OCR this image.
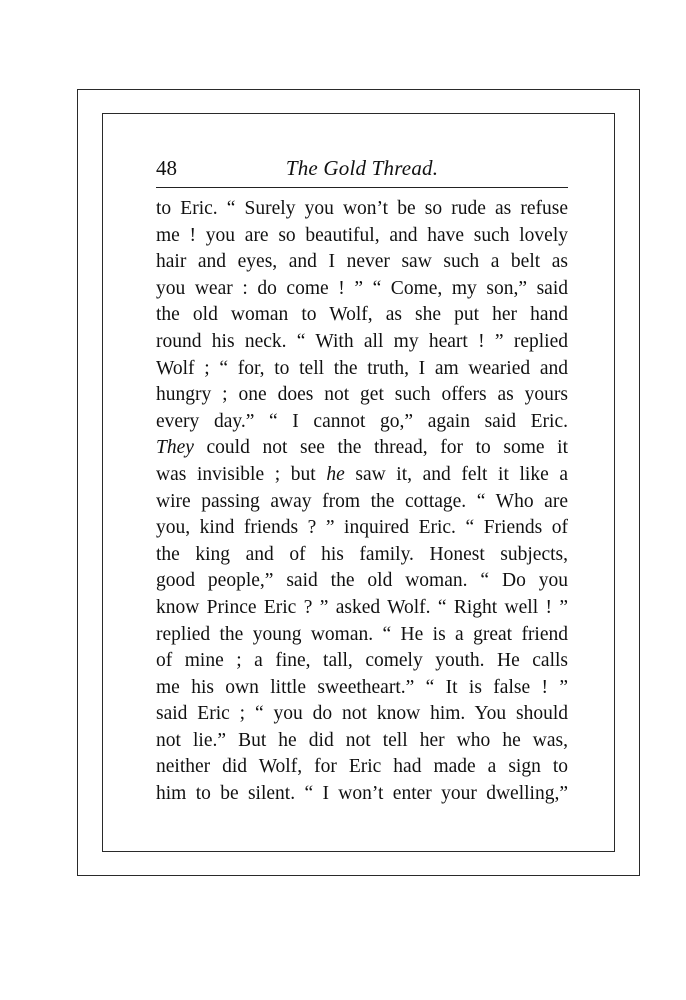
48	The Gold Thread.
to Eric. “ Surely you won’t be so rude as refuse
me ! you are so beautiful, and have such lovely
hair and eyes, and I never saw such a belt as
you wear : do come ! ” “ Come, my son,” said
the old woman to Wolf, as she put her hand
round his neck. “ With all my heart ! ” replied
Wolf ; “ for, to tell the truth, I am wearied and
hungry ; one does not get such offers as yours
every day.” “ I cannot go,” again said Eric.
They could not see the thread, for to some it
was invisible ; but he saw it, and felt it like a
wire passing away from the cottage. “ Who are
you, kind friends ? ” inquired Eric. “ Friends of
the king and of his family. Honest subjects,
good people,” said the old woman. “ Do you
know Prince Eric ? ” asked Wolf. “ Right well ! ”
replied the young woman. “ He is a great friend
of mine ; a fine, tall, comely youth. He calls
me his own little sweetheart.” “ It is false ! ”
said Eric ; “ you do not know him. You should
not lie.” But he did not tell her who he was,
neither did Wolf, for Eric had made a sign to
him to be silent. “ I won’t enter your dwelling,”
